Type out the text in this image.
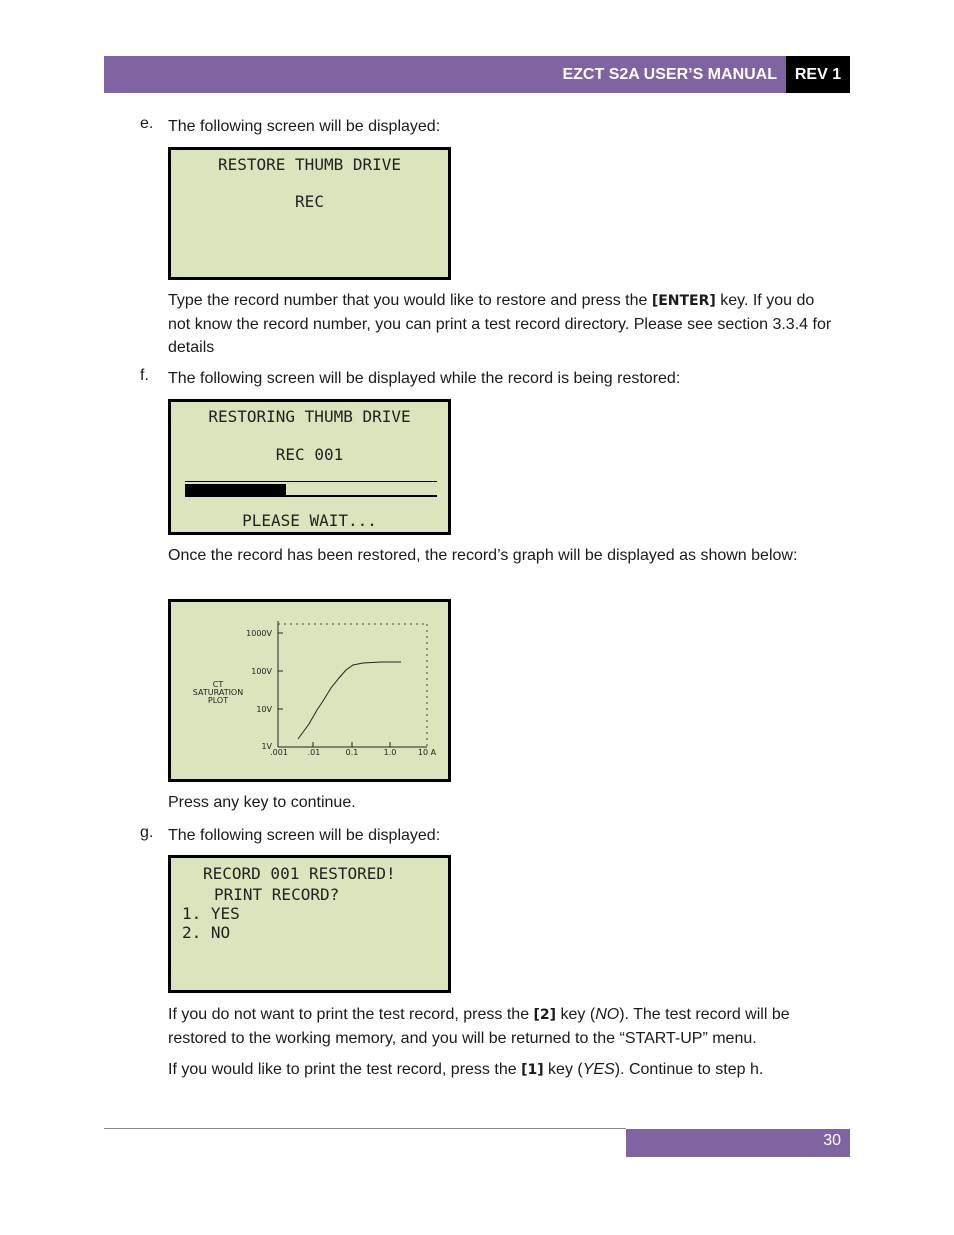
EZCT S2A USER’S MANUAL	REV 1
e. The following screen will be displayed:
RESTORE THUMB DRIVE
REC
Type the record number that you would like to restore and press the [ENTER] key. If you do not know the record number, you can print a test record directory. Please see section 3.3.4 for details
f. The following screen will be displayed while the record is being restored:
RESTORING THUMB DRIVE
REC 001
PLEASE WAIT...
Once the record has been restored, the record’s graph will be displayed as shown below:
1000V
100V
10V
1V
.001 .01	0.1	1.0	10 A
CT
SATURATION
PLOT
Press any key to continue.
g. The following screen will be displayed:
RECORD 001 RESTORED!
PRINT RECORD?
1. YES
2. NO
If you do not want to print the test record, press the [2] key (NO). The test record will be restored to the working memory, and you will be returned to the “START-UP” menu.
If you would like to print the test record, press the [1] key (YES). Continue to step h.
30
